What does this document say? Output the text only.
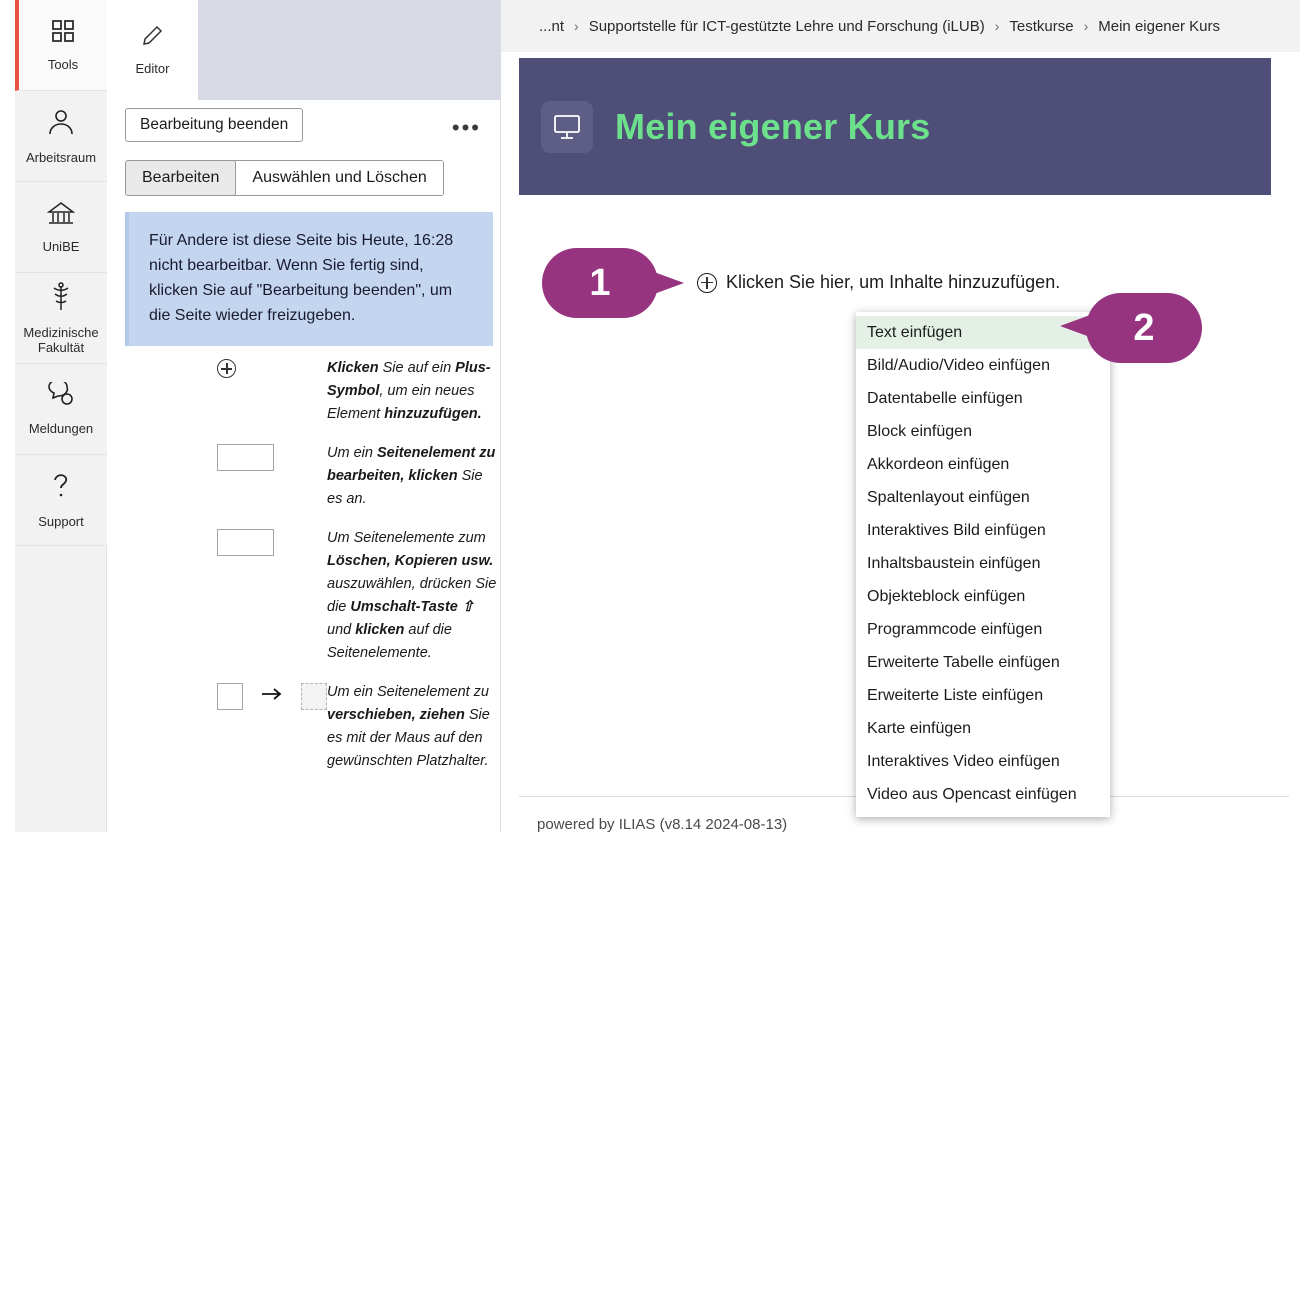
Tools
Arbeitsraum
UniBE
Medizinische Fakultät
Meldungen
Support
Editor
Bearbeitung beenden	•••
Bearbeiten	Auswählen und Löschen
Für Andere ist diese Seite bis Heute, 16:28 nicht bearbeitbar. Wenn Sie fertig sind, klicken Sie auf "Bearbeitung beenden", um die Seite wieder freizugeben.
Klicken Sie auf ein Plus-Symbol, um ein neues Element hinzuzufügen.
Um ein Seitenelement zu bearbeiten, klicken Sie es an.
Um Seitenelemente zum Löschen, Kopieren usw. auszuwählen, drücken Sie die Umschalt-Taste ⇧ und klicken auf die Seitenelemente.
Um ein Seitenelement zu verschieben, ziehen Sie es mit der Maus auf den gewünschten Platzhalter.
...nt › Supportstelle für ICT-gestützte Lehre und Forschung (iLUB) › Testkurse › Mein eigener Kurs
Mein eigener Kurs
Klicken Sie hier, um Inhalte hinzuzufügen.
powered by ILIAS (v8.14 2024-08-13)
Text einfügen
Bild/Audio/Video einfügen
Datentabelle einfügen
Block einfügen
Akkordeon einfügen
Spaltenlayout einfügen
Interaktives Bild einfügen
Inhaltsbaustein einfügen
Objekteblock einfügen
Programmcode einfügen
Erweiterte Tabelle einfügen
Erweiterte Liste einfügen
Karte einfügen
Interaktives Video einfügen
Video aus Opencast einfügen
1
2
